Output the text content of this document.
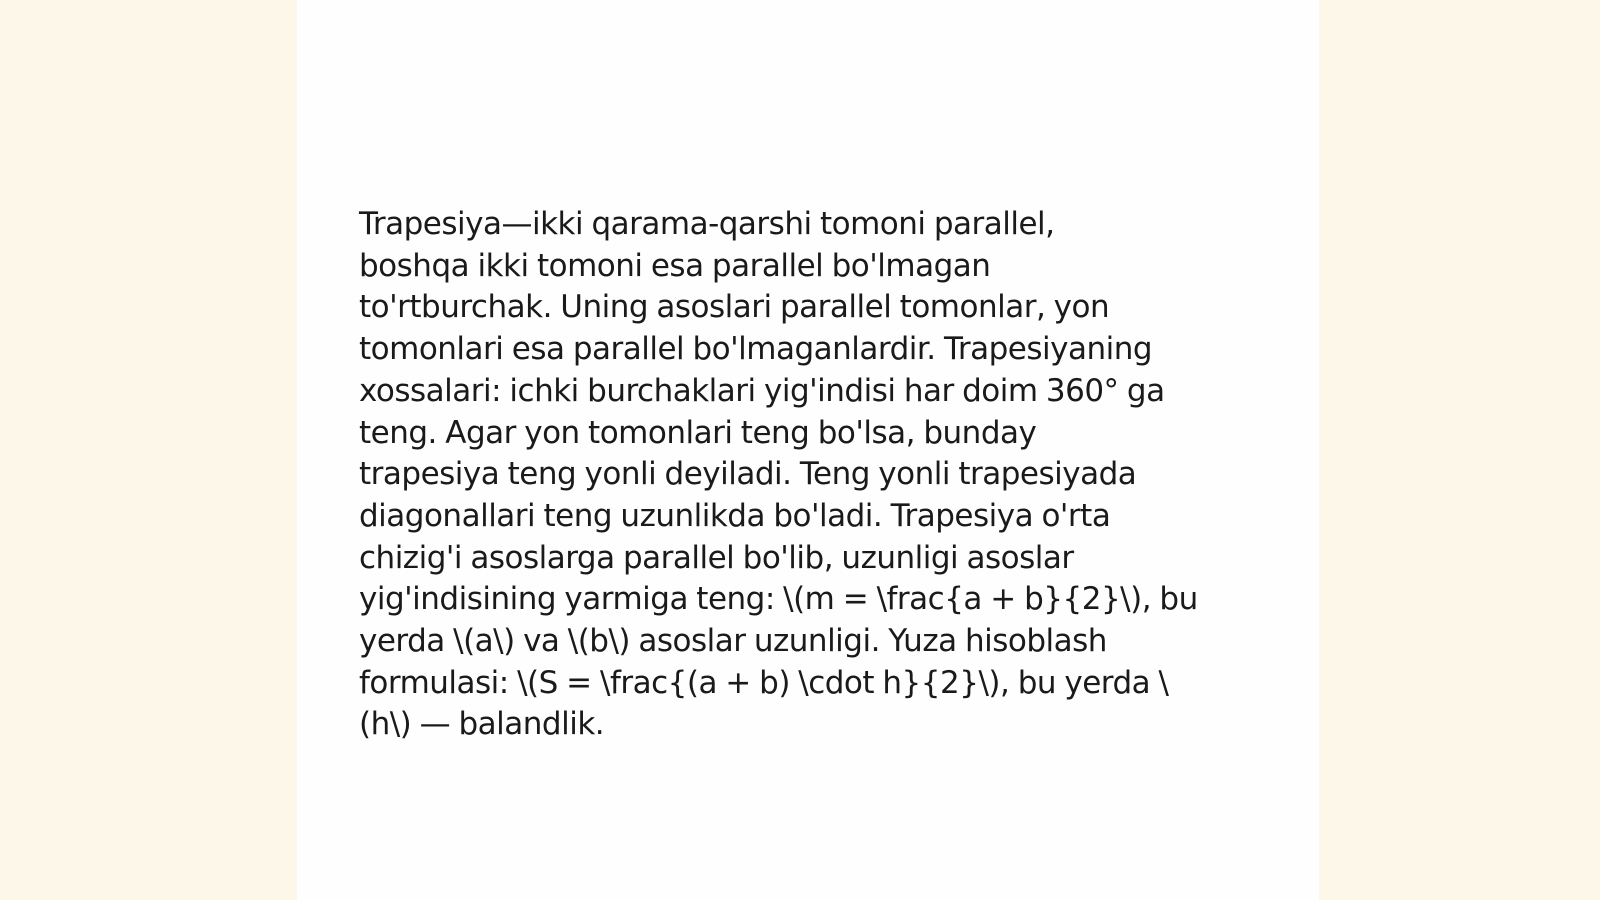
Trapesiya—ikki qarama-qarshi tomoni parallel,
boshqa ikki tomoni esa parallel bo'lmagan
to'rtburchak. Uning asoslari parallel tomonlar, yon
tomonlari esa parallel bo'lmaganlardir. Trapesiyaning
xossalari: ichki burchaklari yig'indisi har doim 360° ga
teng. Agar yon tomonlari teng bo'lsa, bunday
trapesiya teng yonli deyiladi. Teng yonli trapesiyada
diagonallari teng uzunlikda bo'ladi. Trapesiya o'rta
chizig'i asoslarga parallel bo'lib, uzunligi asoslar
yig'indisining yarmiga teng: \(m = \frac{a + b}{2}\), bu
yerda \(a\) va \(b\) asoslar uzunligi. Yuza hisoblash
formulasi: \(S = \frac{(a + b) \cdot h}{2}\), bu yerda \
(h\) — balandlik.
